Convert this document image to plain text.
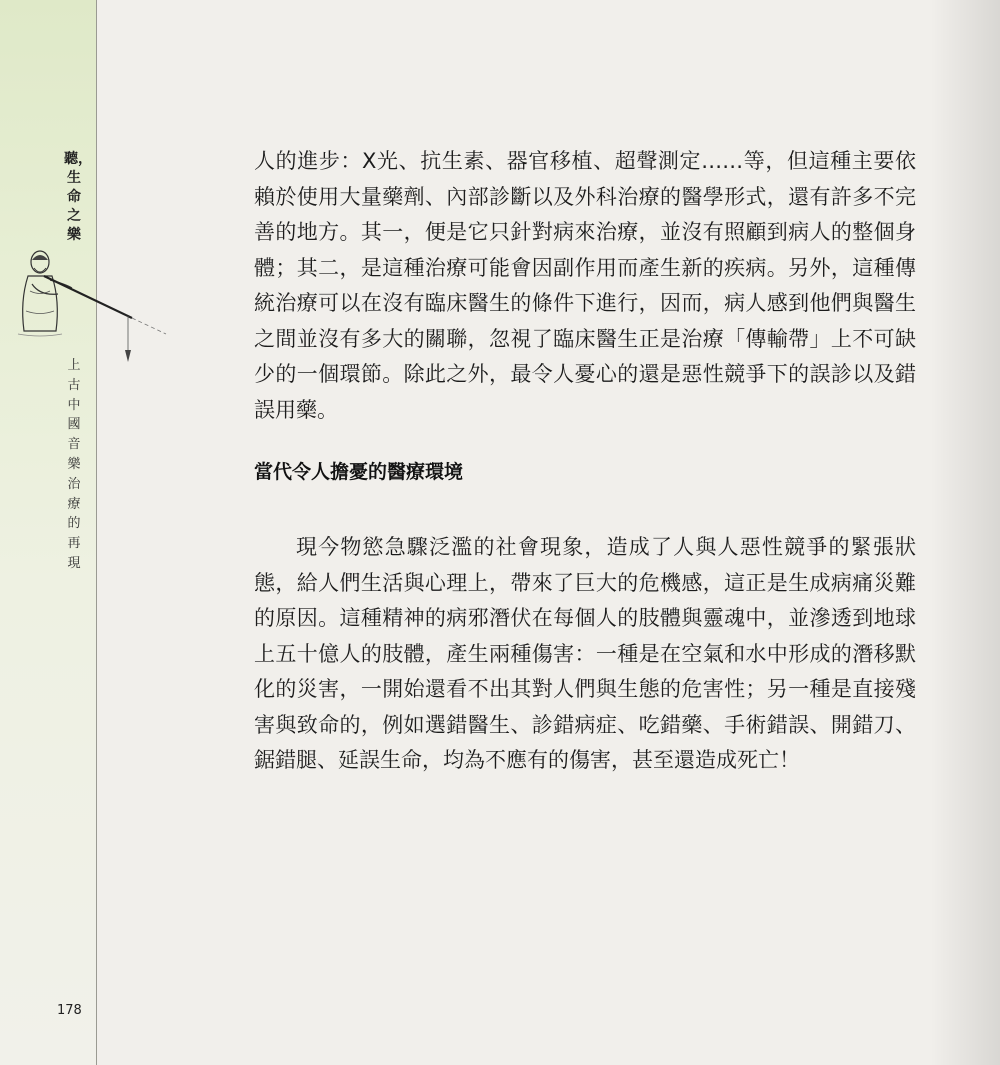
聽，生命之樂
上古中國音樂治療的再現
178

人的進步：X光、抗生素、器官移植、超聲測定……等，但這種主要依賴於使用大量藥劑、內部診斷以及外科治療的醫學形式，還有許多不完善的地方。其一，便是它只針對病來治療，並沒有照顧到病人的整個身體；其二，是這種治療可能會因副作用而產生新的疾病。另外，這種傳統治療可以在沒有臨床醫生的條件下進行，因而，病人感到他們與醫生之間並沒有多大的關聯，忽視了臨床醫生正是治療「傳輸帶」上不可缺少的一個環節。除此之外，最令人憂心的還是惡性競爭下的誤診以及錯誤用藥。

當代令人擔憂的醫療環境

現今物慾急驟泛濫的社會現象，造成了人與人惡性競爭的緊張狀態，給人們生活與心理上，帶來了巨大的危機感，這正是生成病痛災難的原因。這種精神的病邪潛伏在每個人的肢體與靈魂中，並滲透到地球上五十億人的肢體，產生兩種傷害：一種是在空氣和水中形成的潛移默化的災害，一開始還看不出其對人們與生態的危害性；另一種是直接殘害與致命的，例如選錯醫生、診錯病症、吃錯藥、手術錯誤、開錯刀、鋸錯腿、延誤生命，均為不應有的傷害，甚至還造成死亡！
